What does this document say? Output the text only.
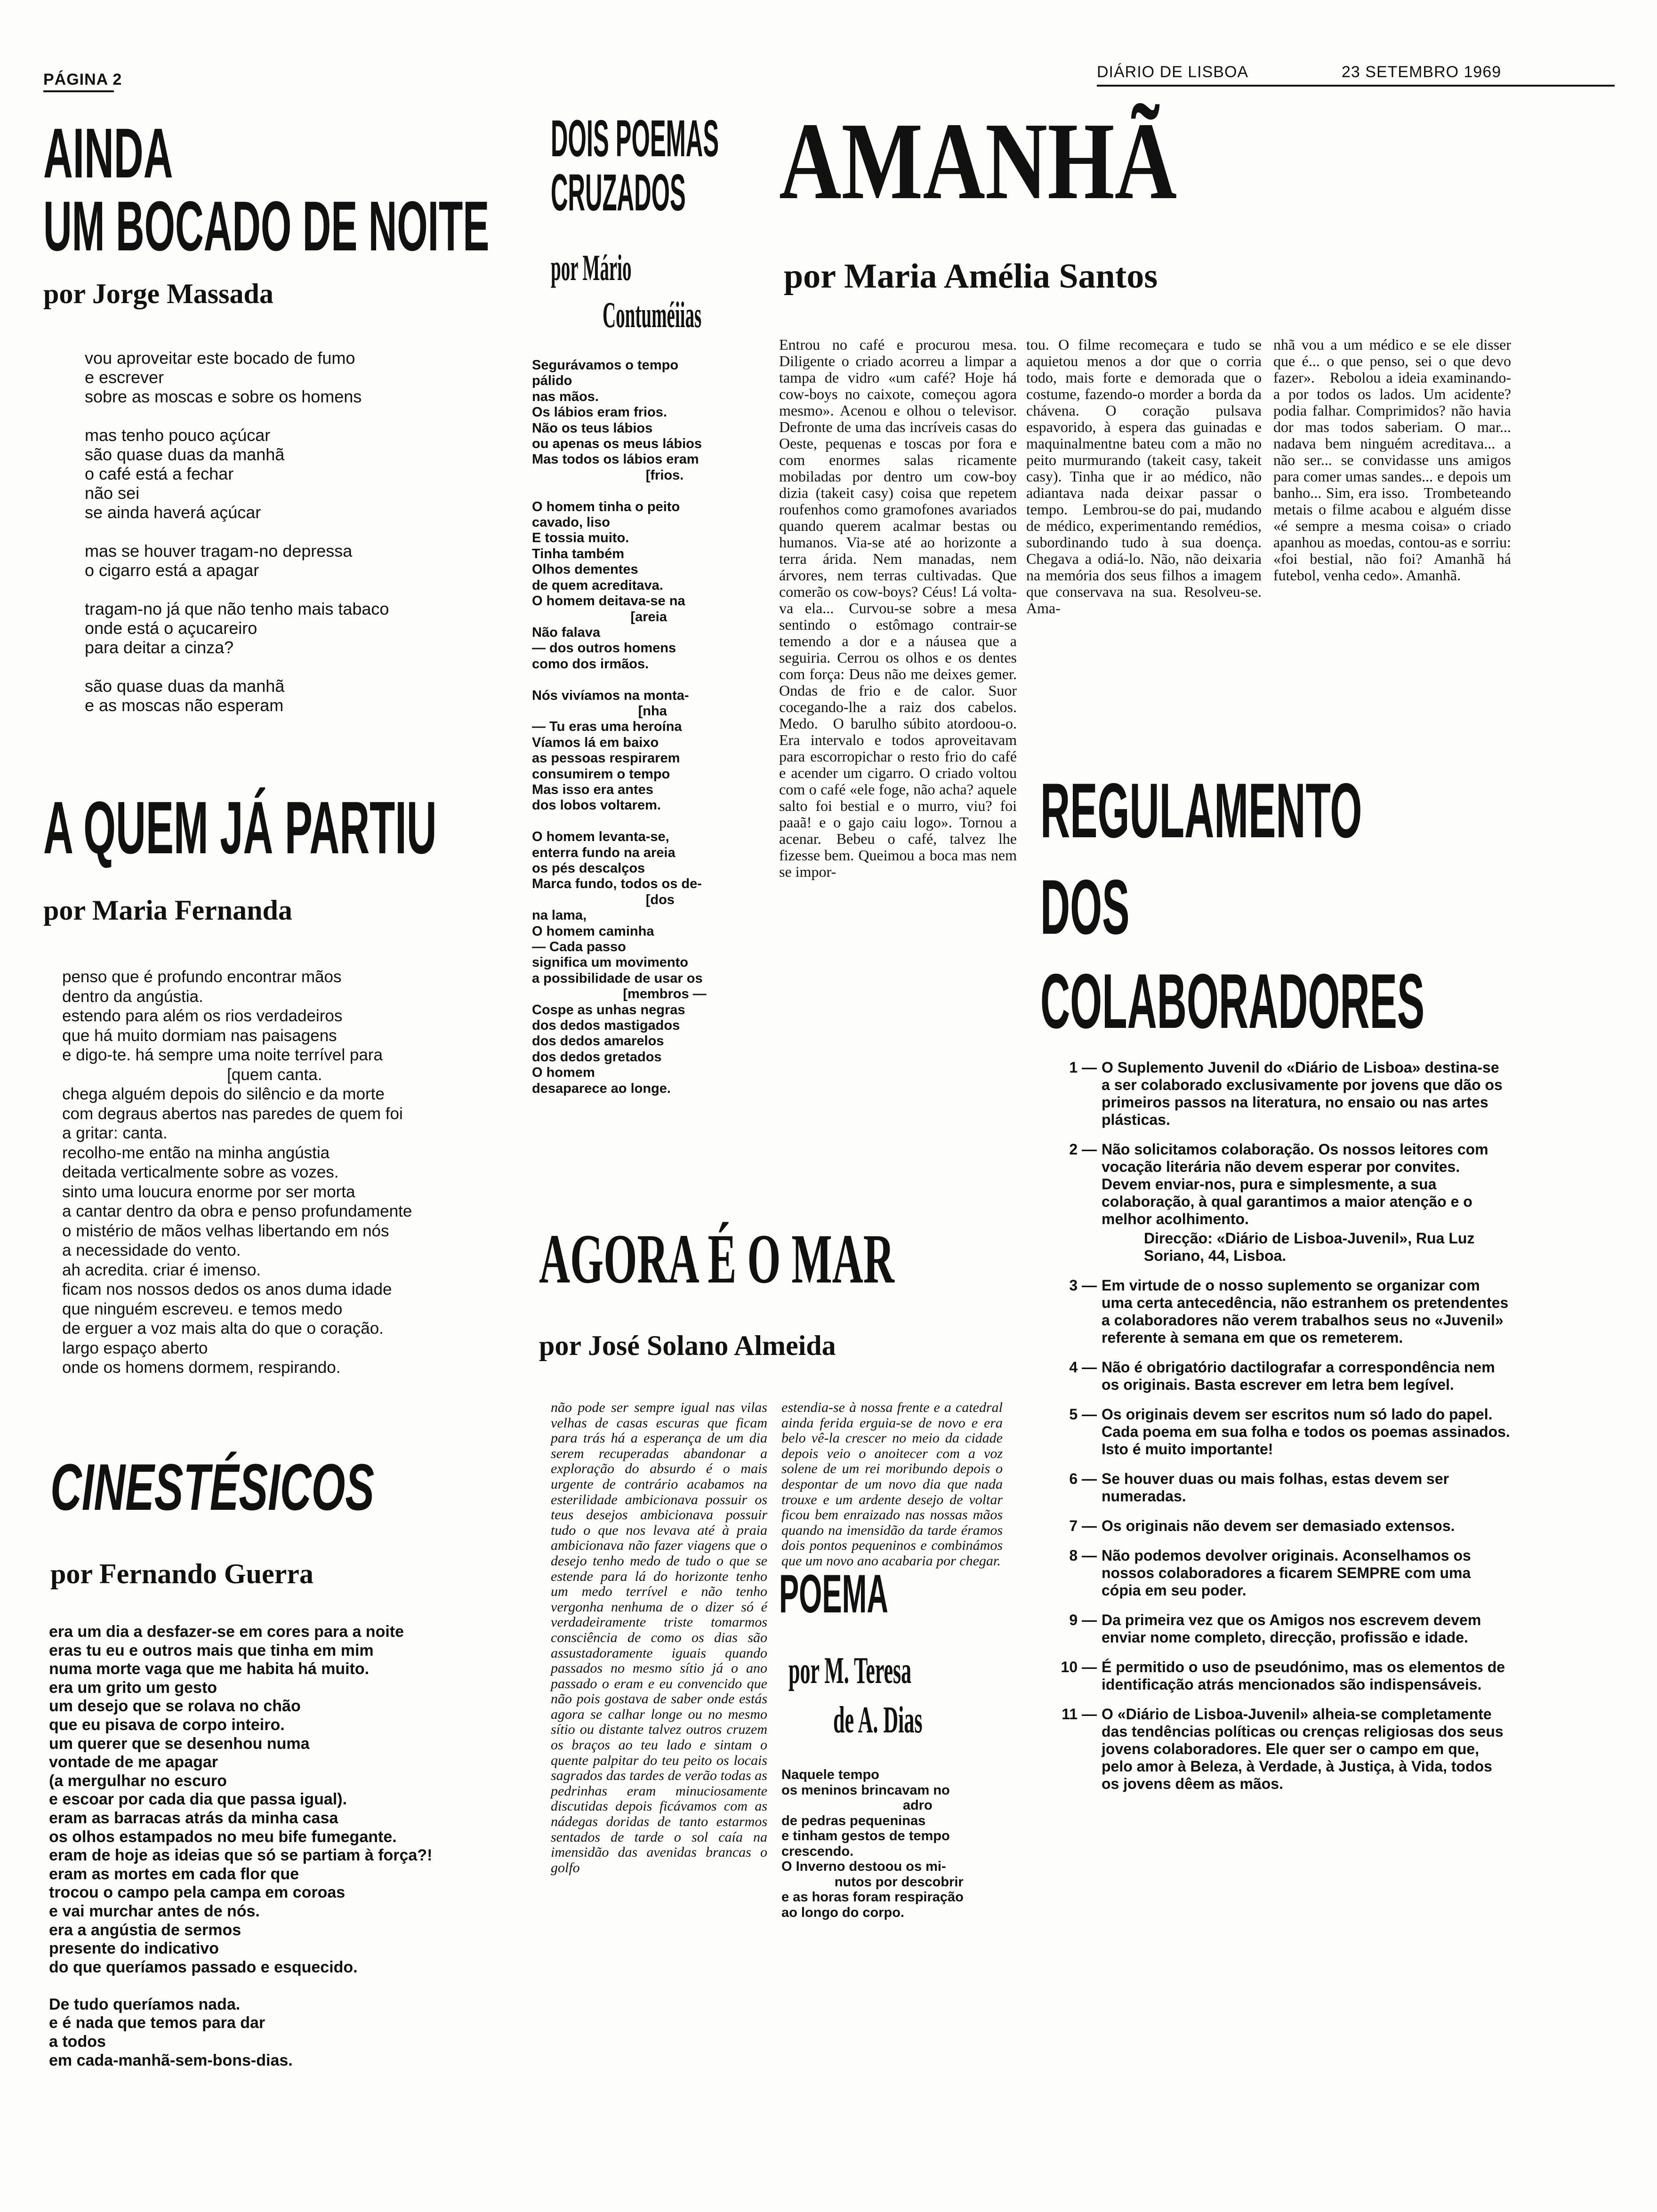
PÁGINA 2	DIÁRIO DE LISBOA	23 SETEMBRO 1969
AINDA
UM BOCADO DE NOITE
por Jorge Massada
vou aproveitar este bocado de fumo
e escrever
sobre as moscas e sobre os homens

mas tenho pouco açúcar
são quase duas da manhã
o café está a fechar
não sei
se ainda haverá açúcar

mas se houver tragam-no depressa
o cigarro está a apagar

tragam-no já que não tenho mais tabaco
onde está o açucareiro
para deitar a cinza?

são quase duas da manhã
e as moscas não esperam
A QUEM JÁ PARTIU
por Maria Fernanda
penso que é profundo encontrar mãos
dentro da angústia.
estendo para além os rios verdadeiros
que há muito dormiam nas paisagens
e digo-te. há sempre uma noite terrível para
[quem canta.
chega alguém depois do silêncio e da morte
com degraus abertos nas paredes de quem foi
a gritar: canta.
recolho-me então na minha angústia
deitada verticalmente sobre as vozes.
sinto uma loucura enorme por ser morta
a cantar dentro da obra e penso profundamente
o mistério de mãos velhas libertando em nós
a necessidade do vento.
ah acredita. criar é imenso.
ficam nos nossos dedos os anos duma idade
que ninguém escreveu. e temos medo
de erguer a voz mais alta do que o coração.
largo espaço aberto
onde os homens dormem, respirando.
CINESTÉSICOS
por Fernando Guerra
era um dia a desfazer-se em cores para a noite
eras tu eu e outros mais que tinha em mim
numa morte vaga que me habita há muito.
era um grito um gesto
um desejo que se rolava no chão
que eu pisava de corpo inteiro.
um querer que se desenhou numa
vontade de me apagar
(a mergulhar no escuro
e escoar por cada dia que passa igual).
eram as barracas atrás da minha casa
os olhos estampados no meu bife fumegante.
eram de hoje as ideias que só se partiam à força?!
eram as mortes em cada flor que
trocou o campo pela campa em coroas
e vai murchar antes de nós.
era a angústia de sermos
presente do indicativo
do que queríamos passado e esquecido.

De tudo queríamos nada.
e é nada que temos para dar
a todos
em cada-manhã-sem-bons-dias.
DOIS POEMAS
CRUZADOS
por Mário
Contuméiias
Segurávamos o tempo
pálido
nas mãos.
Os lábios eram frios.
Não os teus lábios
ou apenas os meus lábios
Mas todos os lábios eram
[frios.

O homem tinha o peito
cavado, liso
E tossia muito.
Tinha também
Olhos dementes
de quem acreditava.
O homem deitava-se na
[areia
Não falava
— dos outros homens
como dos irmãos.

Nós vivíamos na monta-
[nha
— Tu eras uma heroína
Víamos lá em baixo
as pessoas respirarem
consumirem o tempo
Mas isso era antes
dos lobos voltarem.

O homem levanta-se,
enterra fundo na areia
os pés descalços
Marca fundo, todos os de-
[dos
na lama,
O homem caminha
— Cada passo
significa um movimento
a possibilidade de usar os
[membros —
Cospe as unhas negras
dos dedos mastigados
dos dedos amarelos
dos dedos gretados
O homem
desaparece ao longe.
AMANHÃ
por Maria Amélia Santos
Entrou no café e procurou mesa. Diligente o criado acorreu a limpar a tampa de vidro «um café? Hoje há cow-boys no caixote, começou agora mesmo». Acenou e olhou o televisor. Defronte de uma das incríveis casas do Oeste, pequenas e toscas por fora e com enormes salas ricamente mobiladas por dentro um cow-boy dizia (takeit casy) coisa que repetem roufenhos como gramofones avariados quando querem acalmar bestas ou humanos. Via-se até ao horizonte a terra árida. Nem manadas, nem árvores, nem terras cultivadas. Que comerão os cow-boys? Céus! Lá volta-va ela... Curvou-se sobre a mesa sentindo o estômago contrair-se temendo a dor e a náusea que a seguiria. Cerrou os olhos e os dentes com força: Deus não me deixes gemer. Ondas de frio e de calor. Suor cocegando-lhe a raiz dos cabelos. Medo. O barulho súbito atordoou-o. Era intervalo e todos aproveitavam para escorropichar o resto frio do café e acender um cigarro. O criado voltou com o café «ele foge, não acha? aquele salto foi bestial e o murro, viu? foi paaã! e o gajo caiu logo». Tornou a acenar. Bebeu o café, talvez lhe fizesse bem. Queimou a boca mas nem se impor-
tou. O filme recomeçara e tudo se aquietou menos a dor que o corria todo, mais forte e demorada que o costume, fazendo-o morder a borda da chávena. O coração pulsava espavorido, à espera das guinadas e maquinalmentne bateu com a mão no peito murmurando (takeit casy, takeit casy). Tinha que ir ao médico, não adiantava nada deixar passar o tempo. Lembrou-se do pai, mudando de médico, experimentando remédios, subordinando tudo à sua doença. Chegava a odiá-lo. Não, não deixaria na memória dos seus filhos a imagem que conservava na sua. Resolveu-se. Ama-
nhã vou a um médico e se ele disser que é... o que penso, sei o que devo fazer». Rebolou a ideia examinando-a por todos os lados. Um acidente? podia falhar. Comprimidos? não havia dor mas todos saberiam. O mar... nadava bem ninguém acreditava... a não ser... se convidasse uns amigos para comer umas sandes... e depois um banho... Sim, era isso. Trombeteando metais o filme acabou e alguém disse «é sempre a mesma coisa» o criado apanhou as moedas, contou-as e sorriu: «foi bestial, não foi? Amanhã há futebol, venha cedo». Amanhã.
REGULAMENTO
DOS
COLABORADORES
1 — O Suplemento Juvenil do «Diário de Lisboa» destina-se a ser colaborado exclusivamente por jovens que dão os primeiros passos na literatura, no ensaio ou nas artes plásticas.
2 — Não solicitamos colaboração. Os nossos leitores com vocação literária não devem esperar por convites. Devem enviar-nos, pura e simplesmente, a sua colaboração, à qual garantimos a maior atenção e o melhor acolhimento.
Direcção: «Diário de Lisboa-Juvenil», Rua Luz Soriano, 44, Lisboa.
3 — Em virtude de o nosso suplemento se organizar com uma certa antecedência, não estranhem os pretendentes a colaboradores não verem trabalhos seus no «Juvenil» referente à semana em que os remeterem.
4 — Não é obrigatório dactilografar a correspondência nem os originais. Basta escrever em letra bem legível.
5 — Os originais devem ser escritos num só lado do papel. Cada poema em sua folha e todos os poemas assinados. Isto é muito importante!
6 — Se houver duas ou mais folhas, estas devem ser numeradas.
7 — Os originais não devem ser demasiado extensos.
8 — Não podemos devolver originais. Aconselhamos os nossos colaboradores a ficarem SEMPRE com uma cópia em seu poder.
9 — Da primeira vez que os Amigos nos escrevem devem enviar nome completo, direcção, profissão e idade.
10 — É permitido o uso de pseudónimo, mas os elementos de identificação atrás mencionados são indispensáveis.
11 — O «Diário de Lisboa-Juvenil» alheia-se completamente das tendências políticas ou crenças religiosas dos seus jovens colaboradores. Ele quer ser o campo em que, pelo amor à Beleza, à Verdade, à Justiça, à Vida, todos os jovens dêem as mãos.
AGORA É O MAR
por José Solano Almeida
não pode ser sempre igual nas vilas velhas de casas escuras que ficam para trás há a esperança de um dia serem recuperadas abandonar a exploração do absurdo é o mais urgente de contrário acabamos na esterilidade ambicionava possuir os teus desejos ambicionava possuir tudo o que nos levava até à praia ambicionava não fazer viagens que o desejo tenho medo de tudo o que se estende para lá do horizonte tenho um medo terrível e não tenho vergonha nenhuma de o dizer só é verdadeiramente triste tomarmos consciência de como os dias são assustadoramente iguais quando passados no mesmo sítio já o ano passado o eram e eu convencido que não pois gostava de saber onde estás agora se calhar longe ou no mesmo sítio ou distante talvez outros cruzem os braços ao teu lado e sintam o quente palpitar do teu peito os locais sagrados das tardes de verão todas as pedrinhas eram minuciosamente discutidas depois ficávamos com as nádegas doridas de tanto estarmos sentados de tarde o sol caía na imensidão das avenidas brancas o golfo
estendia-se à nossa frente e a catedral ainda ferida erguia-se de novo e era belo vê-la crescer no meio da cidade depois veio o anoitecer com a voz solene de um rei moribundo depois o despontar de um novo dia que nada trouxe e um ardente desejo de voltar ficou bem enraizado nas nossas mãos quando na imensidão da tarde éramos dois pontos pequeninos e combinámos que um novo ano acabaria por chegar.
POEMA
por M. Teresa
de A. Dias
Naquele tempo
os meninos brincavam no
adro
de pedras pequeninas
e tinham gestos de tempo
crescendo.
O Inverno destoou os mi-
nutos por descobrir
e as horas foram respiração
ao longo do corpo.
